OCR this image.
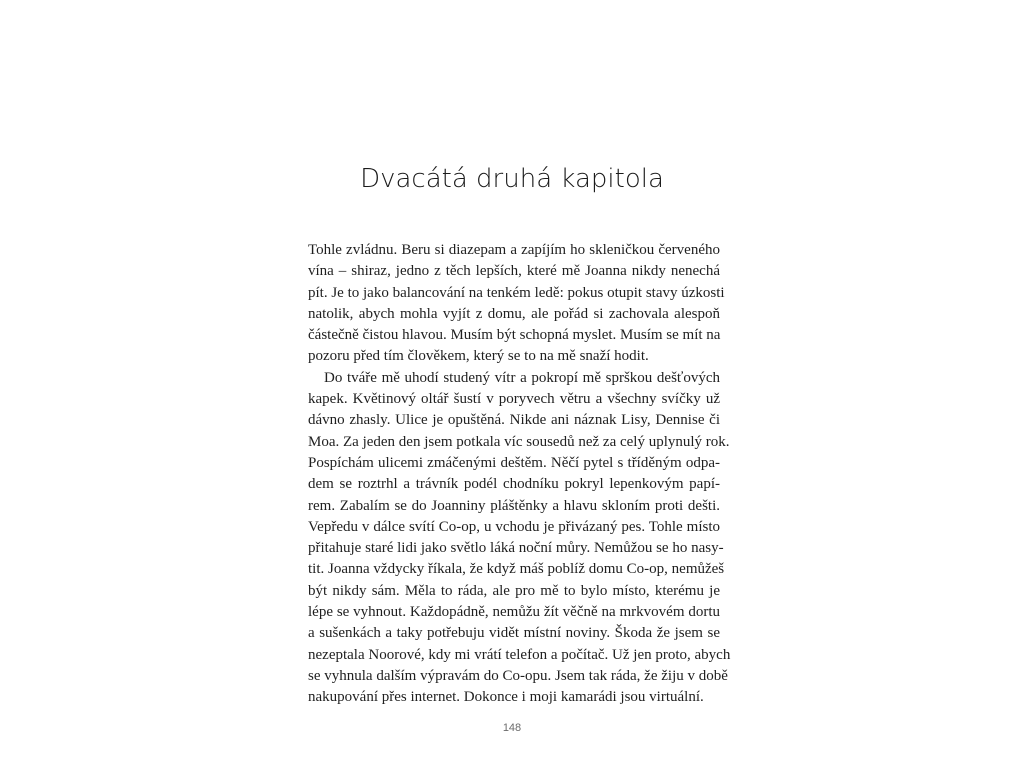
Dvacátá druhá kapitola
Tohle zvládnu. Beru si diazepam a zapíjím ho skleničkou červeného
vína – shiraz, jedno z těch lepších, které mě Joanna nikdy nenechá
pít. Je to jako balancování na tenkém ledě: pokus otupit stavy úzkosti
natolik, abych mohla vyjít z domu, ale pořád si zachovala alespoň
částečně čistou hlavou. Musím být schopná myslet. Musím se mít na
pozoru před tím člověkem, který se to na mě snaží hodit.
Do tváře mě uhodí studený vítr a pokropí mě sprškou dešťových
kapek. Květinový oltář šustí v poryvech větru a všechny svíčky už
dávno zhasly. Ulice je opuštěná. Nikde ani náznak Lisy, Dennise či
Moa. Za jeden den jsem potkala víc sousedů než za celý uplynulý rok.
Pospíchám ulicemi zmáčenými deštěm. Něčí pytel s tříděným odpa-
dem se roztrhl a trávník podél chodníku pokryl lepenkovým papí-
rem. Zabalím se do Joanniny pláštěnky a hlavu skloním proti dešti.
Vepředu v dálce svítí Co-op, u vchodu je přivázaný pes. Tohle místo
přitahuje staré lidi jako světlo láká noční můry. Nemůžou se ho nasy-
tit. Joanna vždycky říkala, že když máš poblíž domu Co-op, nemůžeš
být nikdy sám. Měla to ráda, ale pro mě to bylo místo, kterému je
lépe se vyhnout. Každopádně, nemůžu žít věčně na mrkvovém dortu
a sušenkách a taky potřebuju vidět místní noviny. Škoda že jsem se
nezeptala Noorové, kdy mi vrátí telefon a počítač. Už jen proto, abych
se vyhnula dalším výpravám do Co-opu. Jsem tak ráda, že žiju v době
nakupování přes internet. Dokonce i moji kamarádi jsou virtuální.
148
